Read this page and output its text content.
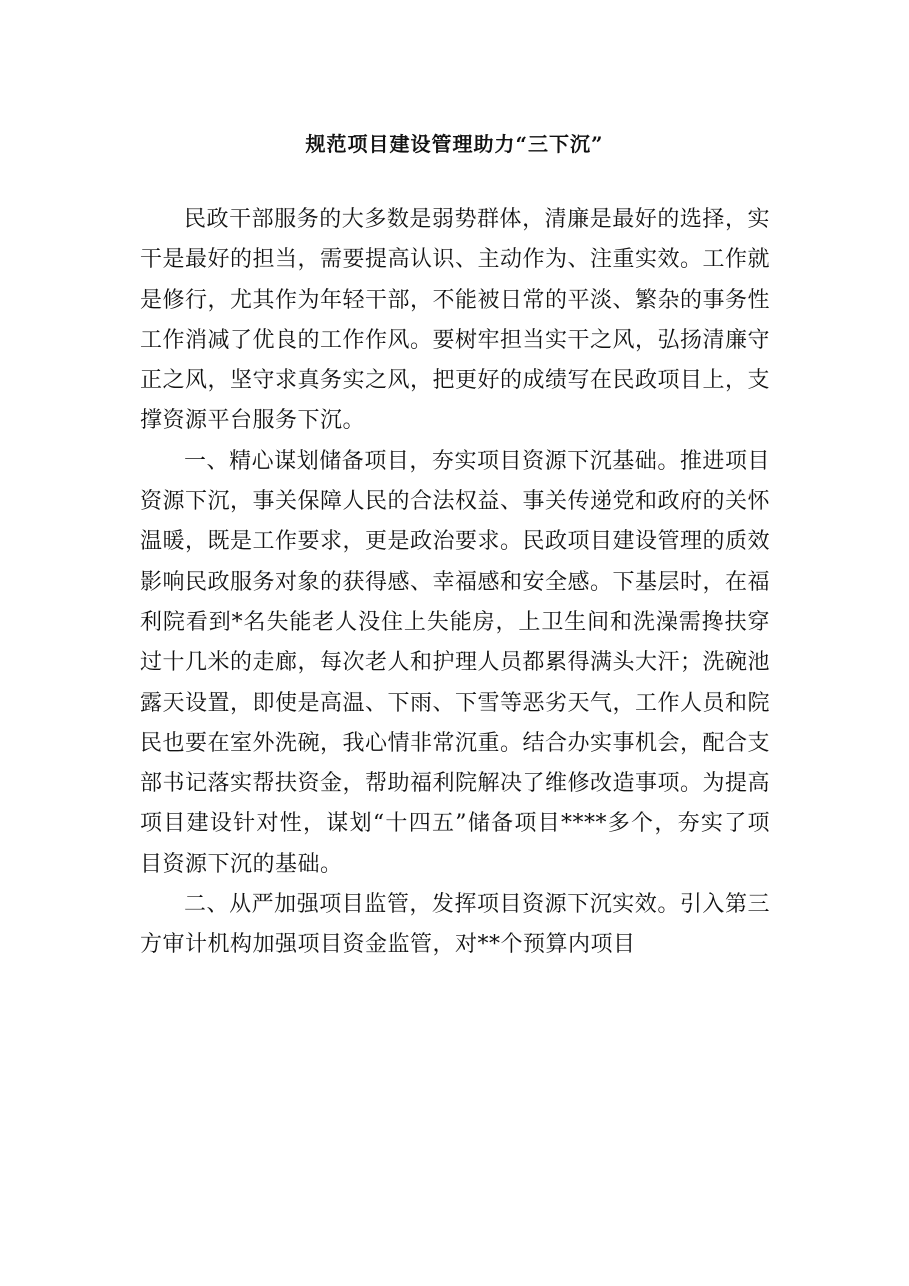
规范项目建设管理助力“三下沉”

民政干部服务的大多数是弱势群体，清廉是最好的选择，实干是最好的担当，需要提高认识、主动作为、注重实效。工作就是修行，尤其作为年轻干部，不能被日常的平淡、繁杂的事务性工作消减了优良的工作作风。要树牢担当实干之风，弘扬清廉守正之风，坚守求真务实之风，把更好的成绩写在民政项目上，支撑资源平台服务下沉。

一、精心谋划储备项目，夯实项目资源下沉基础。推进项目资源下沉，事关保障人民的合法权益、事关传递党和政府的关怀温暖，既是工作要求，更是政治要求。民政项目建设管理的质效影响民政服务对象的获得感、幸福感和安全感。下基层时，在福利院看到*名失能老人没住上失能房，上卫生间和洗澡需搀扶穿过十几米的走廊，每次老人和护理人员都累得满头大汗；洗碗池露天设置，即使是高温、下雨、下雪等恶劣天气，工作人员和院民也要在室外洗碗，我心情非常沉重。结合办实事机会，配合支部书记落实帮扶资金，帮助福利院解决了维修改造事项。为提高项目建设针对性，谋划“十四五”储备项目****多个，夯实了项目资源下沉的基础。

二、从严加强项目监管，发挥项目资源下沉实效。引入第三方审计机构加强项目资金监管，对**个预算内项目
